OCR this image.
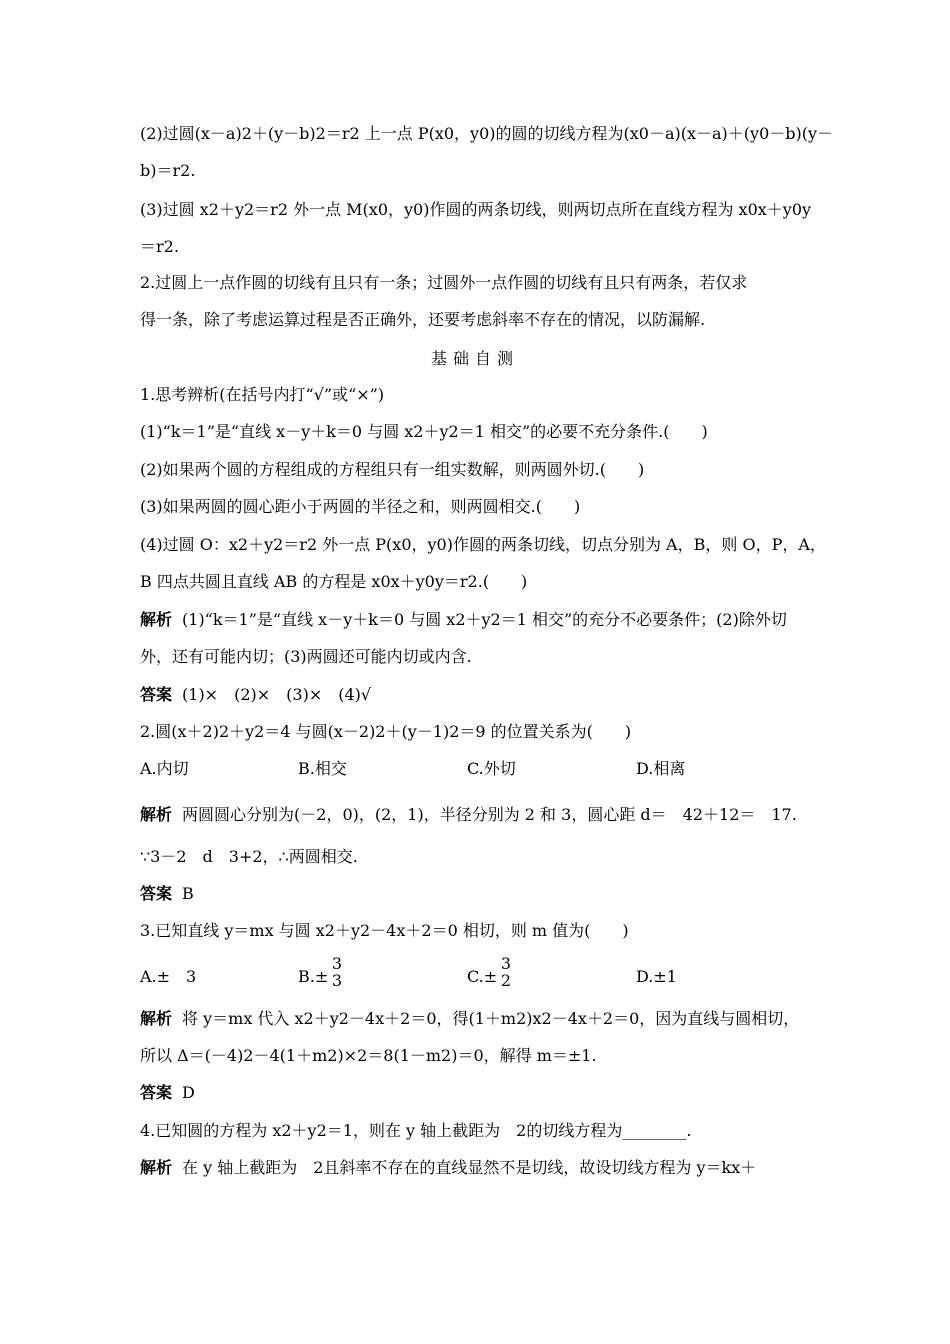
(2)过圆(x－a)2＋(y－b)2＝r2 上一点 P(x0，y0)的圆的切线方程为(x0－a)(x－a)＋(y0－b)(y－
b)＝r2.
(3)过圆 x2＋y2＝r2 外一点 M(x0，y0)作圆的两条切线，则两切点所在直线方程为 x0x＋y0y
＝r2.
2.过圆上一点作圆的切线有且只有一条；过圆外一点作圆的切线有且只有两条，若仅求
得一条，除了考虑运算过程是否正确外，还要考虑斜率不存在的情况，以防漏解.
基础自测
1.思考辨析(在括号内打“√”或“×”)
(1)“k＝1”是“直线 x－y＋k＝0 与圆 x2＋y2＝1 相交”的必要不充分条件.(　　)
(2)如果两个圆的方程组成的方程组只有一组实数解，则两圆外切.(　　)
(3)如果两圆的圆心距小于两圆的半径之和，则两圆相交.(　　)
(4)过圆 O：x2＋y2＝r2 外一点 P(x0，y0)作圆的两条切线，切点分别为 A，B，则 O，P，A，
B 四点共圆且直线 AB 的方程是 x0x＋y0y＝r2.(　　)
解析 (1)“k＝1”是“直线 x－y＋k＝0 与圆 x2＋y2＝1 相交”的充分不必要条件；(2)除外切
外，还有可能内切；(3)两圆还可能内切或内含.
答案 (1)×　(2)×　(3)×　(4)√
2.圆(x＋2)2＋y2＝4 与圆(x－2)2＋(y－1)2＝9 的位置关系为(　　)
A.内切	B.相交	C.外切	D.相离
解析 两圆圆心分别为(－2，0)，(2，1)，半径分别为 2 和 3，圆心距 d＝　42＋12＝　17.
∵3－2　d　3+2，∴两圆相交.
答案 B
3.已知直线 y＝mx 与圆 x2＋y2－4x＋2＝0 相切，则 m 值为(　　)
A.±　3	B.±
3
3	C.±
3
2	D.±1
解析 将 y＝mx 代入 x2＋y2－4x＋2＝0，得(1＋m2)x2－4x＋2＝0，因为直线与圆相切，
所以 Δ＝(－4)2－4(1＋m2)×2＝8(1－m2)＝0，解得 m＝±1.
答案 D
4.已知圆的方程为 x2＋y2＝1，则在 y 轴上截距为　2的切线方程为________.
解析 在 y 轴上截距为　2且斜率不存在的直线显然不是切线，故设切线方程为 y＝kx＋
